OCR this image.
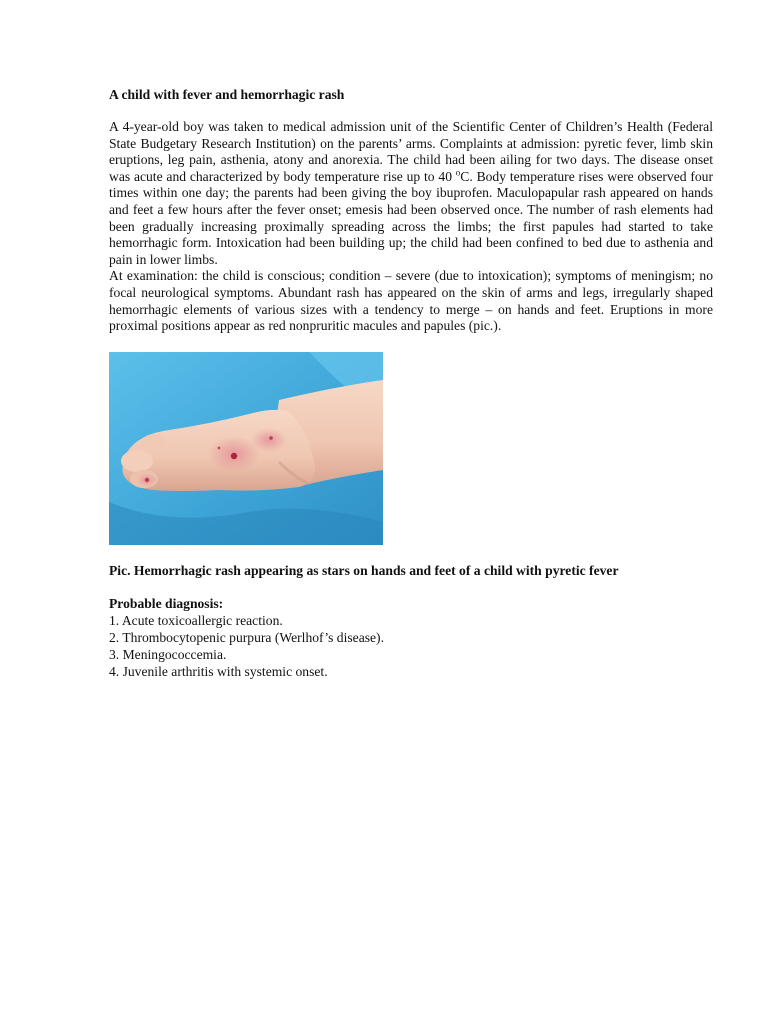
A child with fever and hemorrhagic rash

A 4-year-old boy was taken to medical admission unit of the Scientific Center of Children’s Health (Federal State Budgetary Research Institution) on the parents’ arms. Complaints at admission: pyretic fever, limb skin eruptions, leg pain, asthenia, atony and anorexia. The child had been ailing for two days. The disease onset was acute and characterized by body temperature rise up to 40 $^o$C. Body temperature rises were observed four times within one day; the parents had been giving the boy ibuprofen. Maculopapular rash appeared on hands and feet a few hours after the fever onset; emesis had been observed once. The number of rash elements had been gradually increasing proximally spreading across the limbs; the first papules had started to take hemorrhagic form. Intoxication had been building up; the child had been confined to bed due to asthenia and pain in lower limbs.

At examination: the child is conscious; condition – severe (due to intoxication); symptoms of meningism; no focal neurological symptoms. Abundant rash has appeared on the skin of arms and legs, irregularly shaped hemorrhagic elements of various sizes with a tendency to merge – on hands and feet. Eruptions in more proximal positions appear as red nonpruritic macules and papules (pic.).

Pic. Hemorrhagic rash appearing as stars on hands and feet of a child with pyretic fever

Probable diagnosis:

1. Acute toxicoallergic reaction.

2. Thrombocytopenic purpura (Werlhof’s disease).

3. Meningococcemia.

4. Juvenile arthritis with systemic onset.
